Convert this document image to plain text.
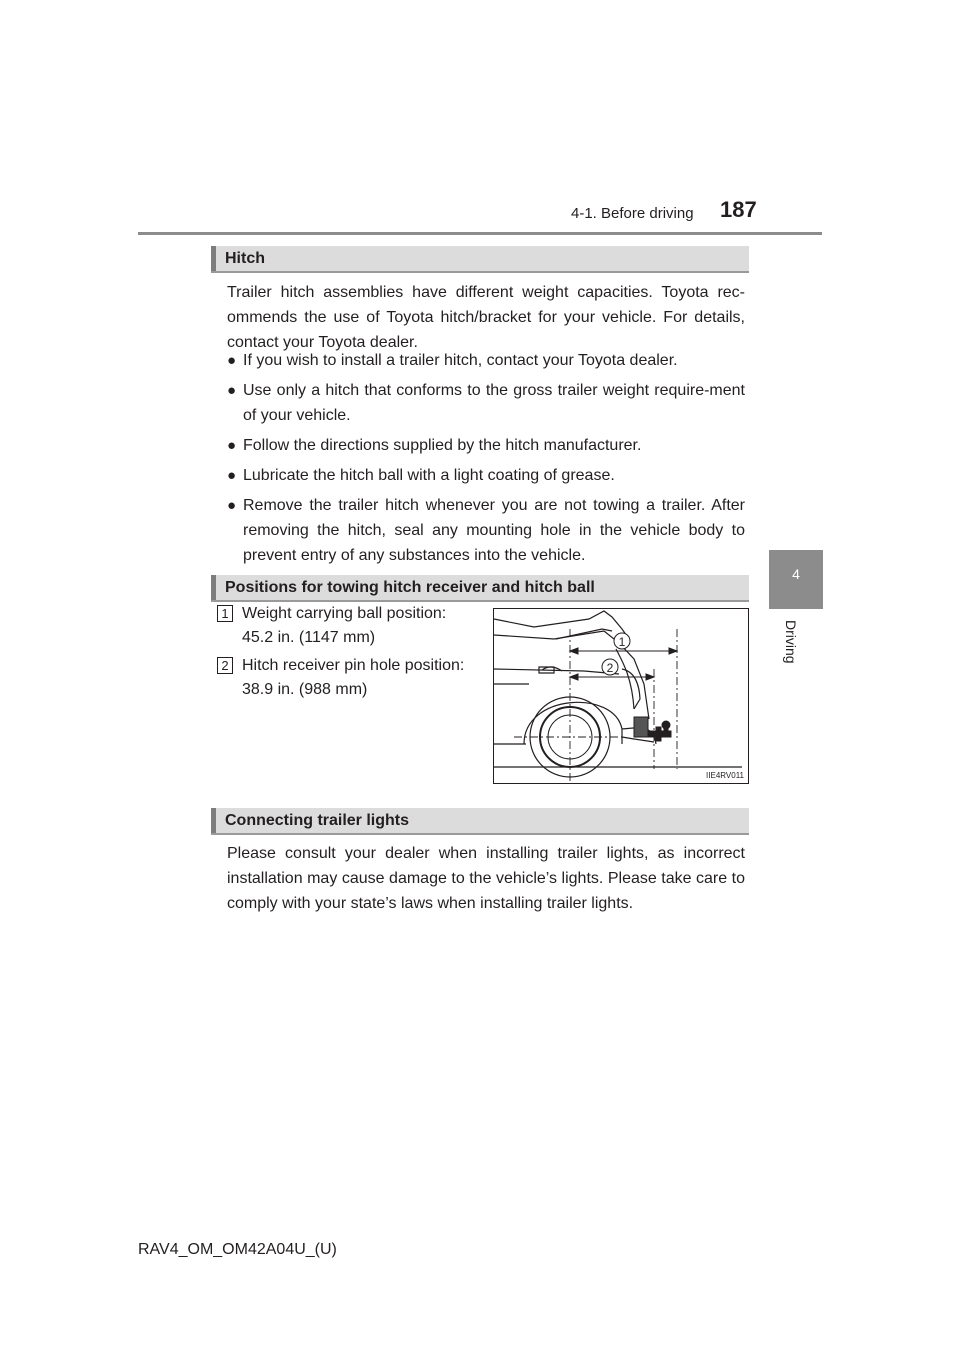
4-1. Before driving 187
4
Driving
Hitch

Trailer hitch assemblies have different weight capacities. Toyota rec-ommends the use of Toyota hitch/bracket for your vehicle. For details, contact your Toyota dealer.

● If you wish to install a trailer hitch, contact your Toyota dealer.
● Use only a hitch that conforms to the gross trailer weight require-ment of your vehicle.
● Follow the directions supplied by the hitch manufacturer.
● Lubricate the hitch ball with a light coating of grease.
● Remove the trailer hitch whenever you are not towing a trailer. After removing the hitch, seal any mounting hole in the vehicle body to prevent entry of any substances into the vehicle.
Positions for towing hitch receiver and hitch ball
1 Weight carrying ball position:
45.2 in. (1147 mm)
2 Hitch receiver pin hole position:
38.9 in. (988 mm)
1
2
IIE4RV011
Connecting trailer lights

Please consult your dealer when installing trailer lights, as incorrect installation may cause damage to the vehicle’s lights. Please take care to comply with your state’s laws when installing trailer lights.

RAV4_OM_OM42A04U_(U)
